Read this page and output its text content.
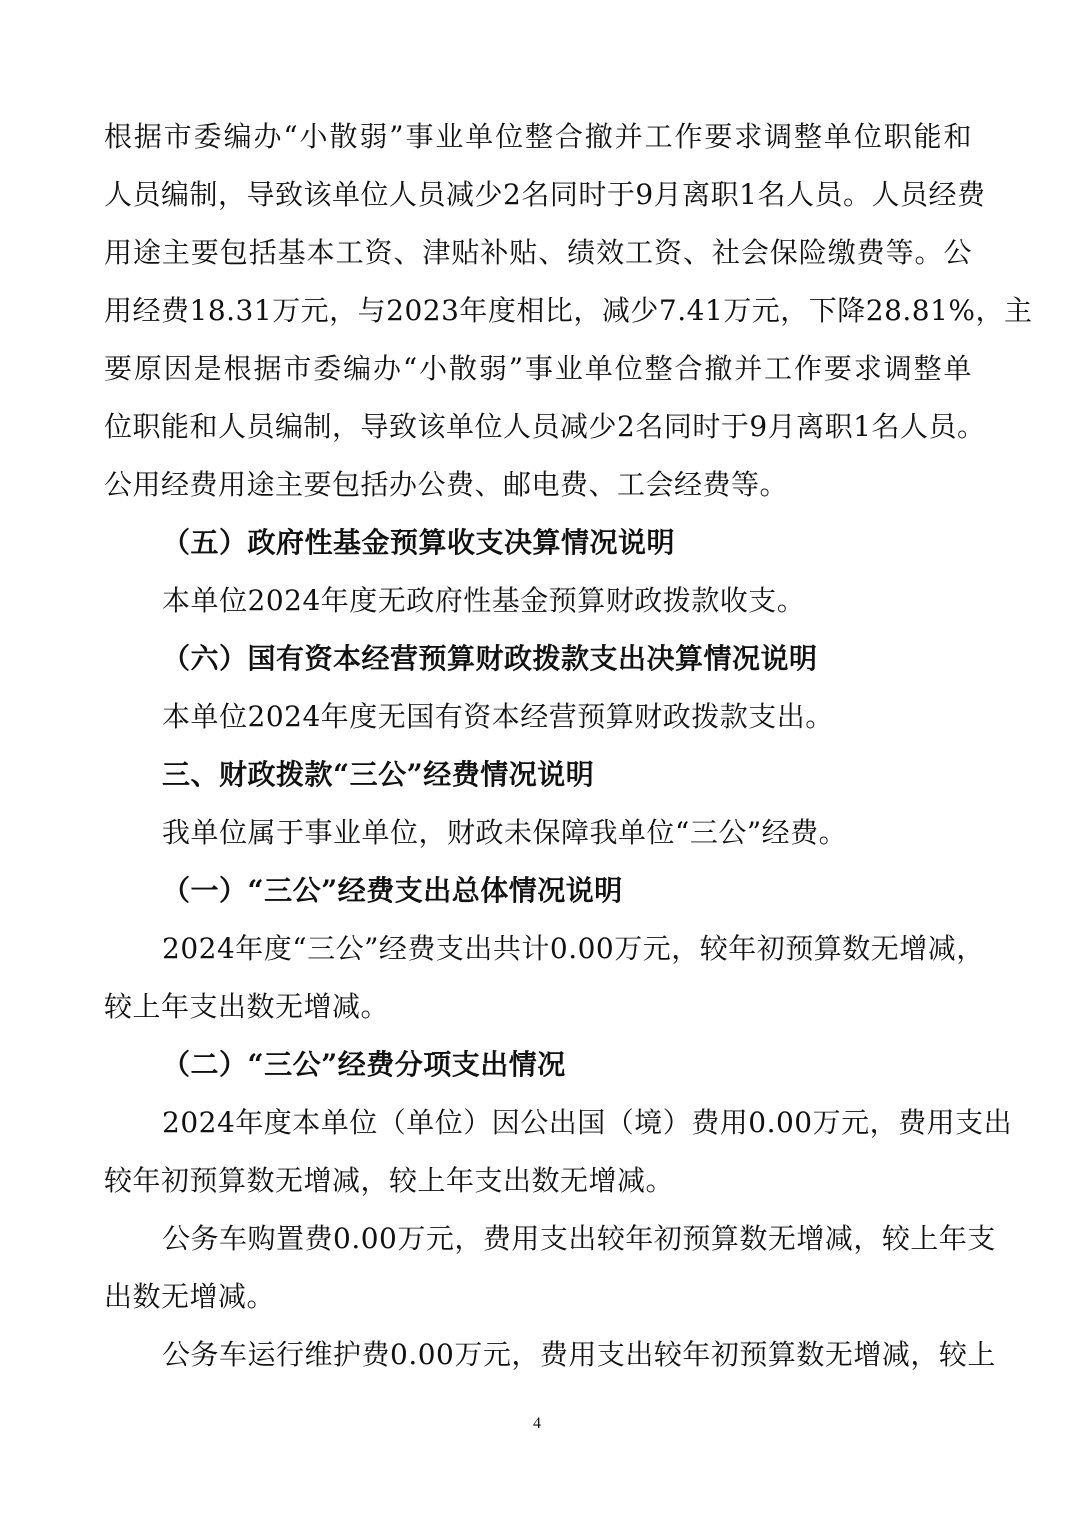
根据市委编办“小散弱”事业单位整合撤并工作要求调整单位职能和

人员编制，导致该单位人员减少2名同时于9月离职1名人员。人员经费

用途主要包括基本工资、津贴补贴、绩效工资、社会保险缴费等。公

用经费18.31万元，与2023年度相比，减少7.41万元，下降28.81%，主

要原因是根据市委编办“小散弱”事业单位整合撤并工作要求调整单

位职能和人员编制，导致该单位人员减少2名同时于9月离职1名人员。

公用经费用途主要包括办公费、邮电费、工会经费等。

（五）政府性基金预算收支决算情况说明

本单位2024年度无政府性基金预算财政拨款收支。

（六）国有资本经营预算财政拨款支出决算情况说明

本单位2024年度无国有资本经营预算财政拨款支出。

三、财政拨款“三公”经费情况说明

我单位属于事业单位，财政未保障我单位“三公”经费。

（一）“三公”经费支出总体情况说明

2024年度“三公”经费支出共计0.00万元，较年初预算数无增减，

较上年支出数无增减。

（二）“三公”经费分项支出情况

2024年度本单位（单位）因公出国（境）费用0.00万元，费用支出

较年初预算数无增减，较上年支出数无增减。

公务车购置费0.00万元，费用支出较年初预算数无增减，较上年支

出数无增减。

公务车运行维护费0.00万元，费用支出较年初预算数无增减，较上

4
